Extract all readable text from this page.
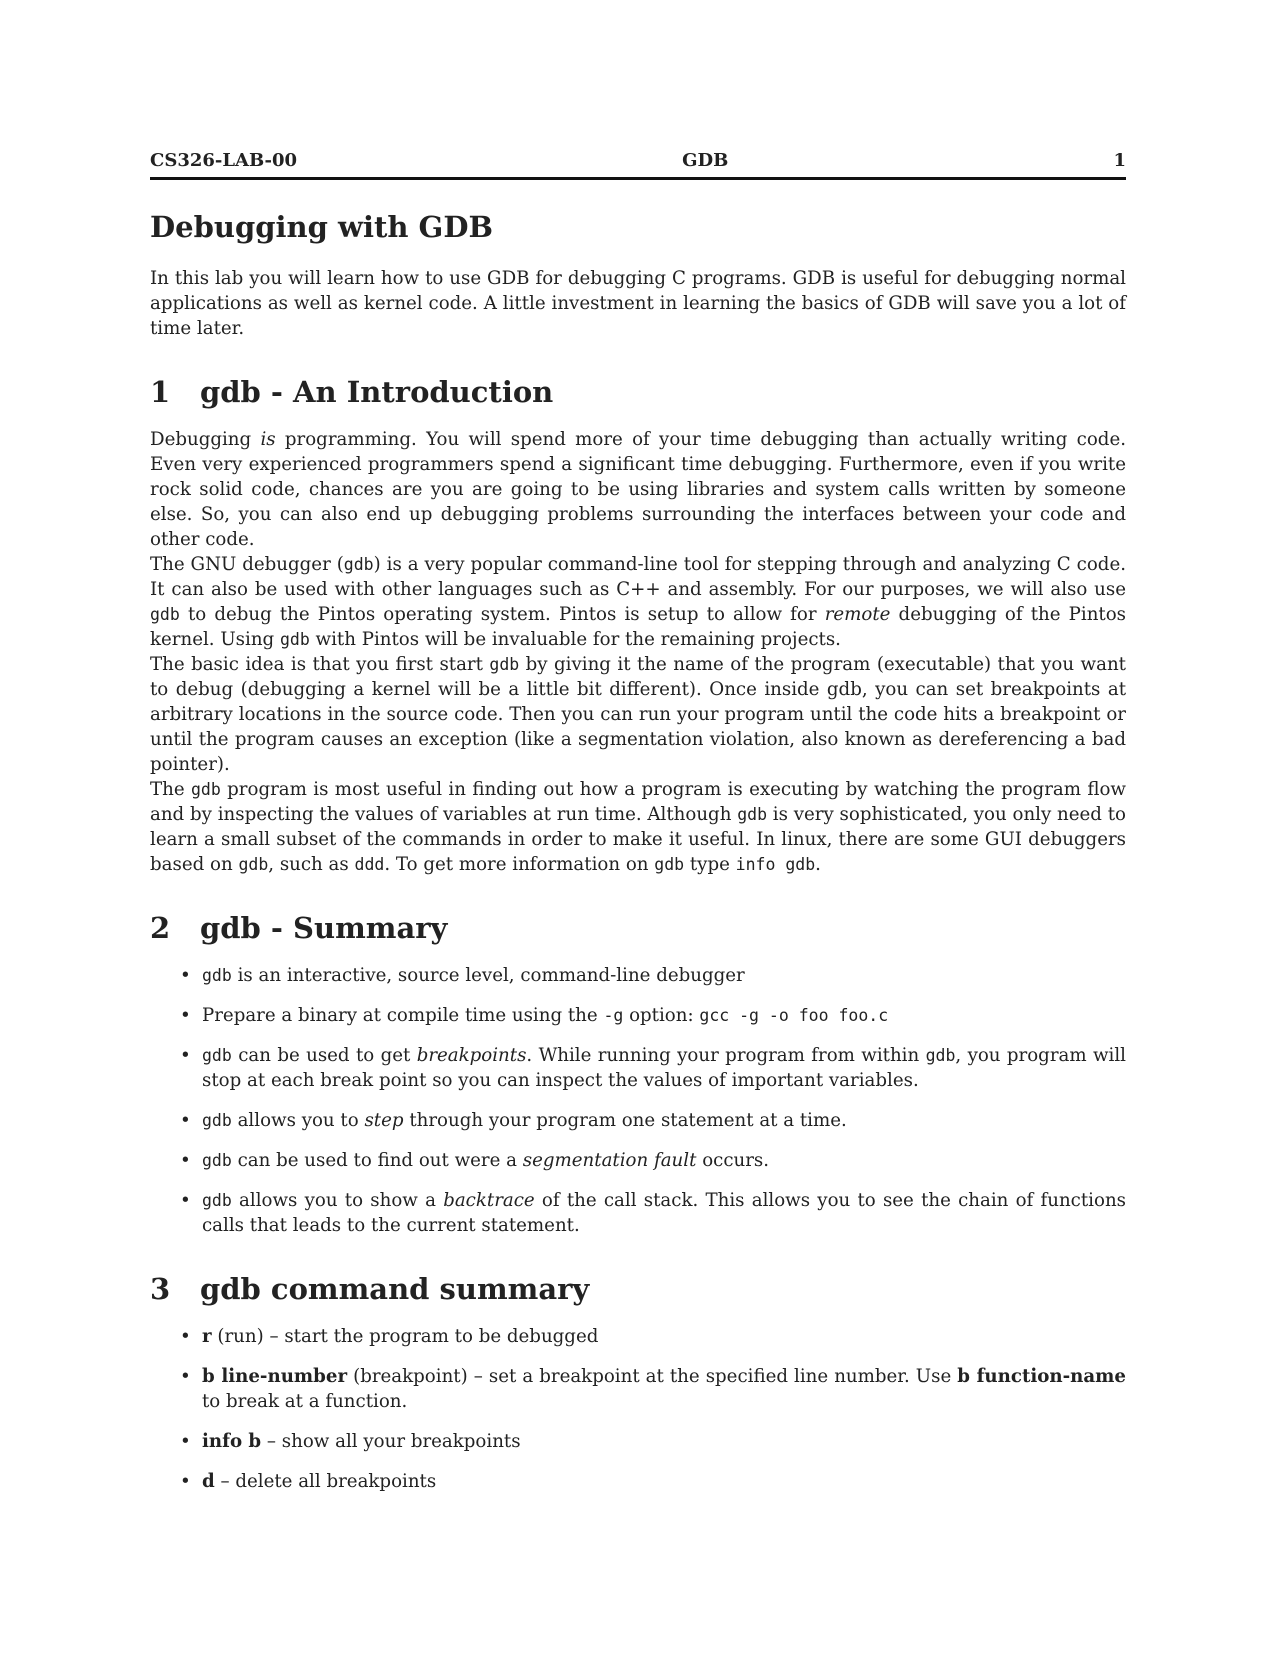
CS326-LAB-00	GDB	1
Debugging with GDB

In this lab you will learn how to use GDB for debugging C programs. GDB is useful for debugging normal applications as well as kernel code. A little investment in learning the basics of GDB will save you a lot of time later.

1	gdb - An Introduction

Debugging is programming. You will spend more of your time debugging than actually writing code. Even very experienced programmers spend a significant time debugging. Furthermore, even if you write rock solid code, chances are you are going to be using libraries and system calls written by someone else. So, you can also end up debugging problems surrounding the interfaces between your code and other code.

The GNU debugger (gdb) is a very popular command-line tool for stepping through and analyzing C code. It can also be used with other languages such as C++ and assembly. For our purposes, we will also use gdb to debug the Pintos operating system. Pintos is setup to allow for remote debugging of the Pintos kernel. Using gdb with Pintos will be invaluable for the remaining projects.

The basic idea is that you first start gdb by giving it the name of the program (executable) that you want to debug (debugging a kernel will be a little bit different). Once inside gdb, you can set breakpoints at arbitrary locations in the source code. Then you can run your program until the code hits a breakpoint or until the program causes an exception (like a segmentation violation, also known as dereferencing a bad pointer).

The gdb program is most useful in finding out how a program is executing by watching the program flow and by inspecting the values of variables at run time. Although gdb is very sophisticated, you only need to learn a small subset of the commands in order to make it useful. In linux, there are some GUI debuggers based on gdb, such as ddd. To get more information on gdb type info gdb.

2	gdb - Summary
• gdb is an interactive, source level, command-line debugger
• Prepare a binary at compile time using the -g option: gcc -g -o foo foo.c
• gdb can be used to get breakpoints. While running your program from within gdb, you program will stop at each break point so you can inspect the values of important variables.
• gdb allows you to step through your program one statement at a time.
• gdb can be used to find out were a segmentation fault occurs.
• gdb allows you to show a backtrace of the call stack. This allows you to see the chain of functions calls that leads to the current statement.
3	gdb command summary
• r (run) – start the program to be debugged
• b line-number (breakpoint) – set a breakpoint at the specified line number. Use b function-name to break at a function.
• info b – show all your breakpoints
• d – delete all breakpoints
